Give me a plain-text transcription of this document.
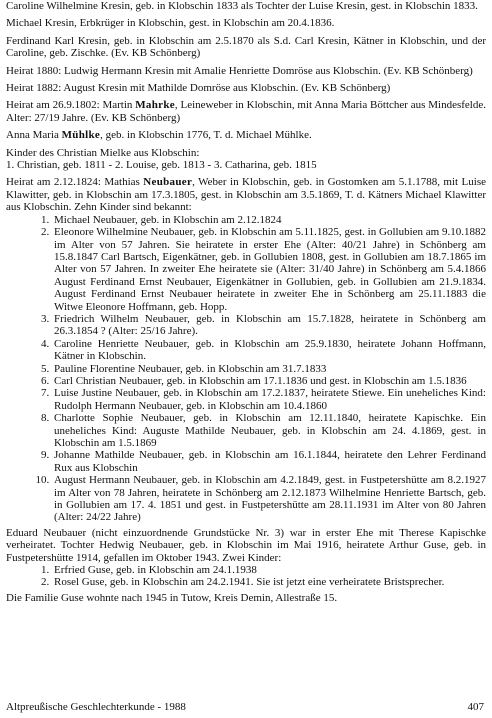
Caroline Wilhelmine Kresin, geb. in Klobschin 1833 als Tochter der Luise Kresin, gest. in Klobschin 1833.

Michael Kresin, Erbkrüger in Klobschin, gest. in Klobschin am 20.4.1836.

Ferdinand Karl Kresin, geb. in Klobschin am 2.5.1870 als S.d. Carl Kresin, Kätner in Klobschin, und der Caroline, geb. Zischke. (Ev. KB Schönberg)

Heirat 1880: Ludwig Hermann Kresin mit Amalie Henriette Domröse aus Klobschin. (Ev. KB Schönberg)

Heirat 1882: August Kresin mit Mathilde Domröse aus Klobschin. (Ev. KB Schönberg)

Heirat am 26.9.1802: Martin Mahrke, Leineweber in Klobschin, mit Anna Maria Böttcher aus Mindesfelde. Alter: 27/19 Jahre. (Ev. KB Schönberg)

Anna Maria Mühlke, geb. in Klobschin 1776, T. d. Michael Mühlke.

Kinder des Christian Mielke aus Klobschin:

1. Christian, geb. 1811 - 2. Louise, geb. 1813 - 3. Catharina, geb. 1815

Heirat am 2.12.1824: Mathias Neubauer, Weber in Klobschin, geb. in Gostomken am 5.1.1788, mit Luise Klawitter, geb. in Klobschin am 17.3.1805, gest. in Klobschin am 3.5.1869, T. d. Kätners Michael Klawitter aus Klobschin. Zehn Kinder sind bekannt:

1. Michael Neubauer, geb. in Klobschin am 2.12.1824
2. Eleonore Wilhelmine Neubauer, geb. in Klobschin am 5.11.1825, gest. in Gollubien am 9.10.1882 im Alter von 57 Jahren. Sie heiratete in erster Ehe (Alter: 40/21 Jahre) in Schönberg am 15.8.1847 Carl Bartsch, Eigenkätner, geb. in Gollubien 1808, gest. in Gollubien am 18.7.1865 im Alter von 57 Jahren. In zweiter Ehe heiratete sie (Alter: 31/40 Jahre) in Schönberg am 5.4.1866 August Ferdinand Ernst Neubauer, Eigenkätner in Gollubien, geb. in Gollubien am 21.9.1834. August Ferdinand Ernst Neubauer heiratete in zweiter Ehe in Schönberg am 25.11.1883 die Witwe Eleonore Hoffmann, geb. Hopp.
3. Friedrich Wilhelm Neubauer, geb. in Klobschin am 15.7.1828, heiratete in Schönberg am 26.3.1854 ? (Alter: 25/16 Jahre).
4. Caroline Henriette Neubauer, geb. in Klobschin am 25.9.1830, heiratete Johann Hoffmann, Kätner in Klobschin.
5. Pauline Florentine Neubauer, geb. in Klobschin am 31.7.1833
6. Carl Christian Neubauer, geb. in Klobschin am 17.1.1836 und gest. in Klobschin am 1.5.1836
7. Luise Justine Neubauer, geb. in Klobschin am 17.2.1837, heiratete Stiewe. Ein uneheliches Kind: Rudolph Hermann Neubauer, geb. in Klobschin am 10.4.1860
8. Charlotte Sophie Neubauer, geb. in Klobschin am 12.11.1840, heiratete Kapischke. Ein uneheliches Kind: Auguste Mathilde Neubauer, geb. in Klobschin am 24. 4.1869, gest. in Klobschin am 1.5.1869
9. Johanne Mathilde Neubauer, geb. in Klobschin am 16.1.1844, heiratete den Lehrer Ferdinand Rux aus Klobschin
10. August Hermann Neubauer, geb. in Klobschin am 4.2.1849, gest. in Fustpetershütte am 8.2.1927 im Alter von 78 Jahren, heiratete in Schönberg am 2.12.1873 Wilhelmine Henriette Bartsch, geb. in Gollubien am 17. 4. 1851 und gest. in Fustpetershütte am 28.11.1931 im Alter von 80 Jahren (Alter: 24/22 Jahre)

Eduard Neubauer (nicht einzuordnende Grundstücke Nr. 3) war in erster Ehe mit Therese Kapischke verheiratet. Tochter Hedwig Neubauer, geb. in Klobschin im Mai 1916, heiratete Arthur Guse, geb. in Fustpetershütte 1914, gefallen im Oktober 1943. Zwei Kinder:

1. Erfried Guse, geb. in Klobschin am 24.1.1938
2. Rosel Guse, geb. in Klobschin am 24.2.1941. Sie ist jetzt eine verheiratete Bristsprecher.

Die Familie Guse wohnte nach 1945 in Tutow, Kreis Demin, Allestraße 15.

Altpreußische Geschlechterkunde - 1988	407
